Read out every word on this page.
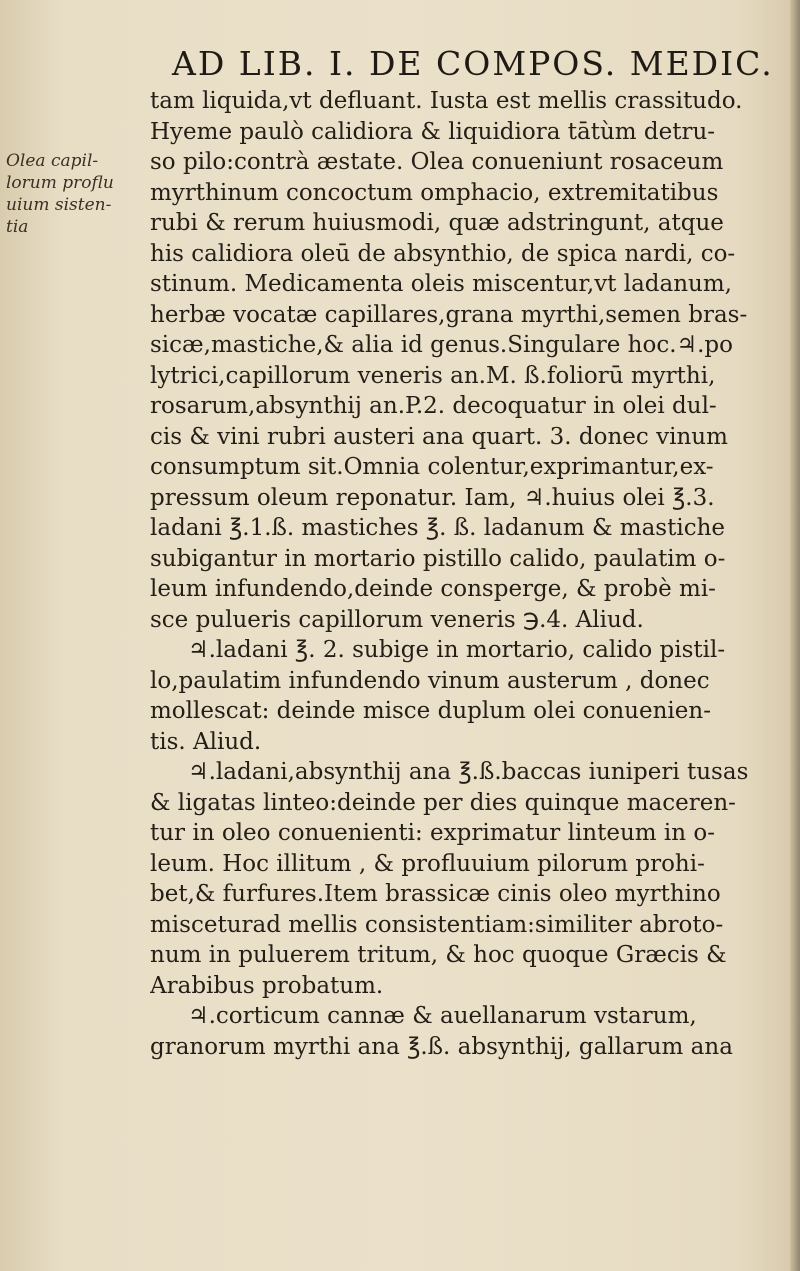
AD LIB. I. DE COMPOS. MEDIC.
Olea capil-
lorum proflu
uium sisten-
tia
tam liquida,vt defluant. Iusta est mellis crassitudo.
Hyeme paulò calidiora & liquidiora tātùm detru-
so pilo:contrà æstate. Olea conueniunt rosaceum
myrthinum concoctum omphacio, extremitatibus
rubi & rerum huiusmodi, quæ adstringunt, atque
his calidiora oleū de absynthio, de spica nardi, co-
stinum. Medicamenta oleis miscentur,vt ladanum,
herbæ vocatæ capillares,grana myrthi,semen bras-
sicæ,mastiche,& alia id genus.Singulare hoc.♃.po
lytrici,capillorum veneris an.M. ß.foliorū myrthi,
rosarum,absynthij an.P.2. decoquatur in olei dul-
cis & vini rubri austeri ana quart. 3. donec vinum
consumptum sit.Omnia colentur,exprimantur,ex-
pressum oleum reponatur. Iam, ♃.huius olei ℥.3.
ladani ℥.1.ß. mastiches ℥. ß. ladanum & mastiche
subigantur in mortario pistillo calido, paulatim o-
leum infundendo,deinde consperge, & probè mi-
sce pulueris capillorum veneris ℈.4. Aliud.
♃.ladani ℥. 2. subige in mortario, calido pistil-
lo,paulatim infundendo vinum austerum , donec
mollescat: deinde misce duplum olei conuenien-
tis. Aliud.
♃.ladani,absynthij ana ℥.ß.baccas iuniperi tusas
& ligatas linteo:deinde per dies quinque maceren-
tur in oleo conuenienti: exprimatur linteum in o-
leum. Hoc illitum , & profluuium pilorum prohi-
bet,& furfures.Item brassicæ cinis oleo myrthino
misceturad mellis consistentiam:similiter abroto-
num in puluerem tritum, & hoc quoque Græcis &
Arabibus probatum.
♃.corticum cannæ & auellanarum vstarum,
granorum myrthi ana ℥.ß. absynthij, gallarum ana
